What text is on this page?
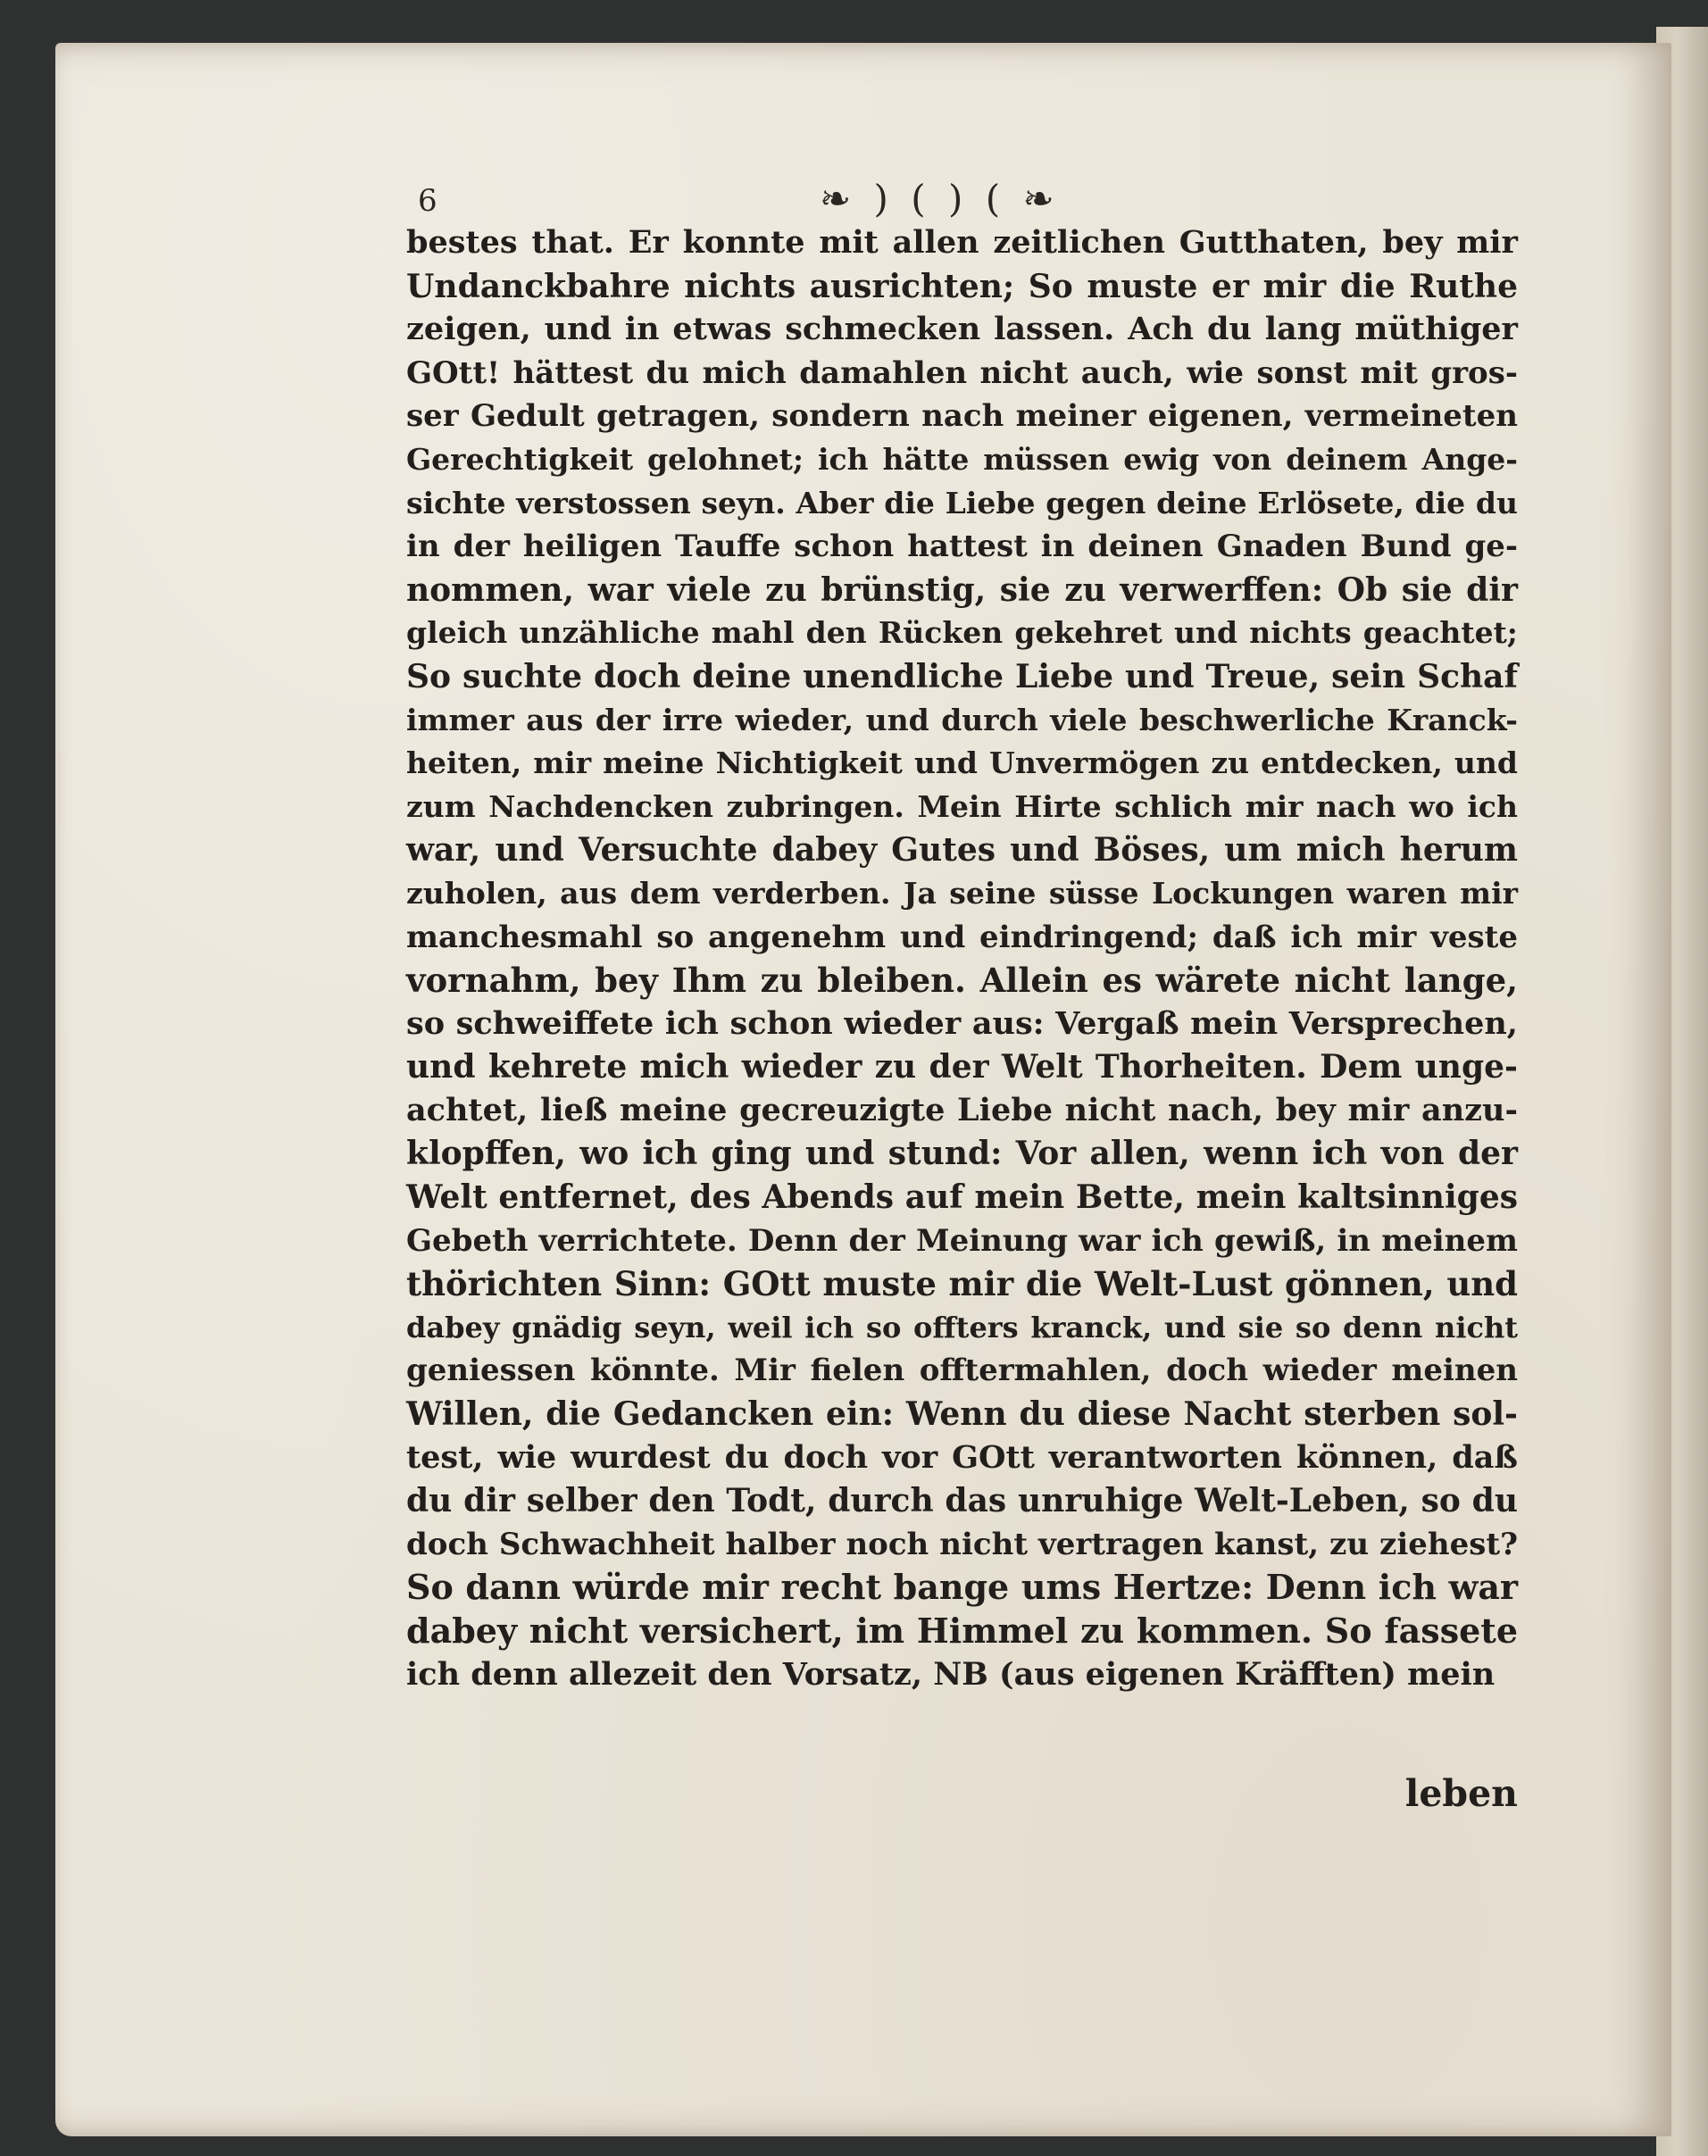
6	❧ ) ( ) ( ❧
bestes that. Er konnte mit allen zeitlichen Gutthaten, bey mir
Undanckbahre nichts ausrichten; So muste er mir die Ruthe
zeigen, und in etwas schmecken lassen. Ach du lang müthiger
GOtt! hättest du mich damahlen nicht auch, wie sonst mit gros-
ser Gedult getragen, sondern nach meiner eigenen, vermeineten
Gerechtigkeit gelohnet; ich hätte müssen ewig von deinem Ange-
sichte verstossen seyn. Aber die Liebe gegen deine Erlösete, die du
in der heiligen Tauffe schon hattest in deinen Gnaden Bund ge-
nommen, war viele zu brünstig, sie zu verwerffen: Ob sie dir
gleich unzähliche mahl den Rücken gekehret und nichts geachtet;
So suchte doch deine unendliche Liebe und Treue, sein Schaf
immer aus der irre wieder, und durch viele beschwerliche Kranck-
heiten, mir meine Nichtigkeit und Unvermögen zu entdecken, und
zum Nachdencken zubringen. Mein Hirte schlich mir nach wo ich
war, und Versuchte dabey Gutes und Böses, um mich herum
zuholen, aus dem verderben. Ja seine süsse Lockungen waren mir
manchesmahl so angenehm und eindringend; daß ich mir veste
vornahm, bey Ihm zu bleiben. Allein es wärete nicht lange,
so schweiffete ich schon wieder aus: Vergaß mein Versprechen,
und kehrete mich wieder zu der Welt Thorheiten. Dem unge-
achtet, ließ meine gecreuzigte Liebe nicht nach, bey mir anzu-
klopffen, wo ich ging und stund: Vor allen, wenn ich von der
Welt entfernet, des Abends auf mein Bette, mein kaltsinniges
Gebeth verrichtete. Denn der Meinung war ich gewiß, in meinem
thörichten Sinn: GOtt muste mir die Welt-Lust gönnen, und
dabey gnädig seyn, weil ich so offters kranck, und sie so denn nicht
geniessen könnte. Mir fielen offtermahlen, doch wieder meinen
Willen, die Gedancken ein: Wenn du diese Nacht sterben sol-
test, wie wurdest du doch vor GOtt verantworten können, daß
du dir selber den Todt, durch das unruhige Welt-Leben, so du
doch Schwachheit halber noch nicht vertragen kanst, zu ziehest?
So dann würde mir recht bange ums Hertze: Denn ich war
dabey nicht versichert, im Himmel zu kommen. So fassete
ich denn allezeit den Vorsatz, NB (aus eigenen Kräfften) mein
leben
